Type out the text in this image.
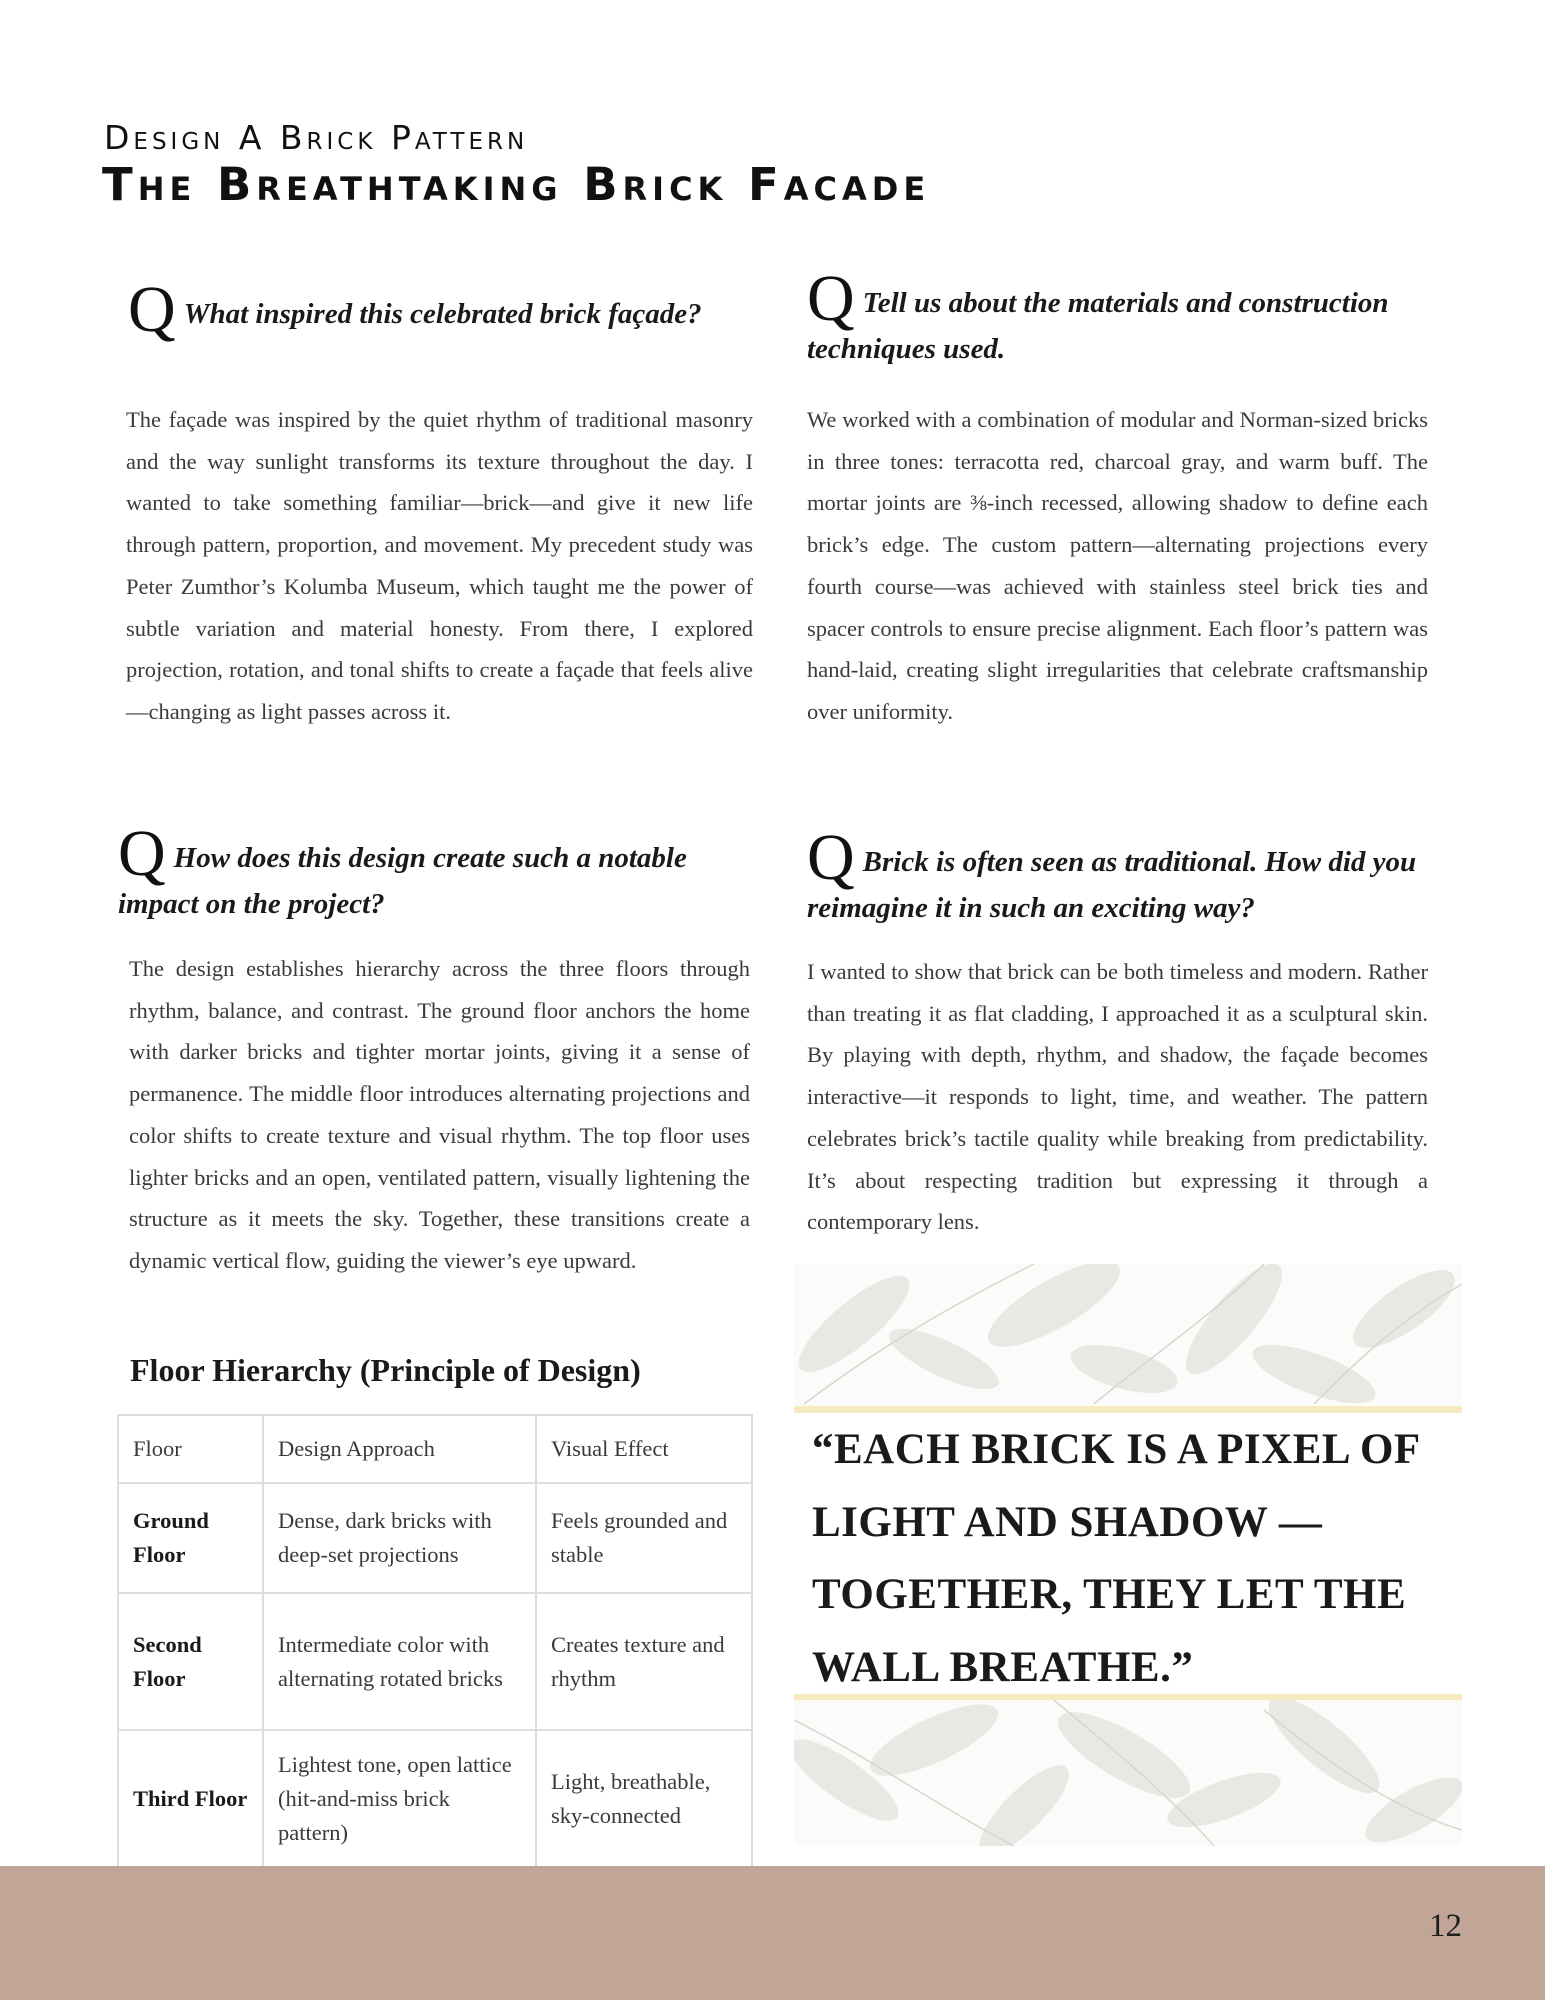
Design A Brick Pattern

The Breathtaking Brick Facade
Q What inspired this celebrated brick façade?

The façade was inspired by the quiet rhythm of traditional masonry and the way sunlight transforms its texture throughout the day. I wanted to take something familiar—brick—and give it new life through pattern, proportion, and movement. My precedent study was Peter Zumthor’s Kolumba Museum, which taught me the power of subtle variation and material honesty. From there, I explored projection, rotation, and tonal shifts to create a façade that feels alive—changing as light passes across it.

Q Tell us about the materials and construction techniques used.

We worked with a combination of modular and Norman-sized bricks in three tones: terracotta red, charcoal gray, and warm buff. The mortar joints are ⅜-inch recessed, allowing shadow to define each brick’s edge. The custom pattern—alternating projections every fourth course—was achieved with stainless steel brick ties and spacer controls to ensure precise alignment. Each floor’s pattern was hand-laid, creating slight irregularities that celebrate craftsmanship over uniformity.

Q How does this design create such a notable impact on the project?

The design establishes hierarchy across the three floors through rhythm, balance, and contrast. The ground floor anchors the home with darker bricks and tighter mortar joints, giving it a sense of permanence. The middle floor introduces alternating projections and color shifts to create texture and visual rhythm. The top floor uses lighter bricks and an open, ventilated pattern, visually lightening the structure as it meets the sky. Together, these transitions create a dynamic vertical flow, guiding the viewer’s eye upward.

Q Brick is often seen as traditional. How did you reimagine it in such an exciting way?

I wanted to show that brick can be both timeless and modern. Rather than treating it as flat cladding, I approached it as a sculptural skin. By playing with depth, rhythm, and shadow, the façade becomes interactive—it responds to light, time, and weather. The pattern celebrates brick’s tactile quality while breaking from predictability. It’s about respecting tradition but expressing it through a contemporary lens.

Floor Hierarchy (Principle of Design)
Floor	Design Approach	Visual Effect
Ground Floor	Dense, dark bricks with deep-set projections	Feels grounded and stable
Second Floor	Intermediate color with alternating rotated bricks	Creates texture and rhythm
Third Floor	Lightest tone, open lattice (hit-and-miss brick pattern)	Light, breathable, sky-connected

“EACH BRICK IS A PIXEL OF LIGHT AND SHADOW — TOGETHER, THEY LET THE WALL BREATHE.”

12
